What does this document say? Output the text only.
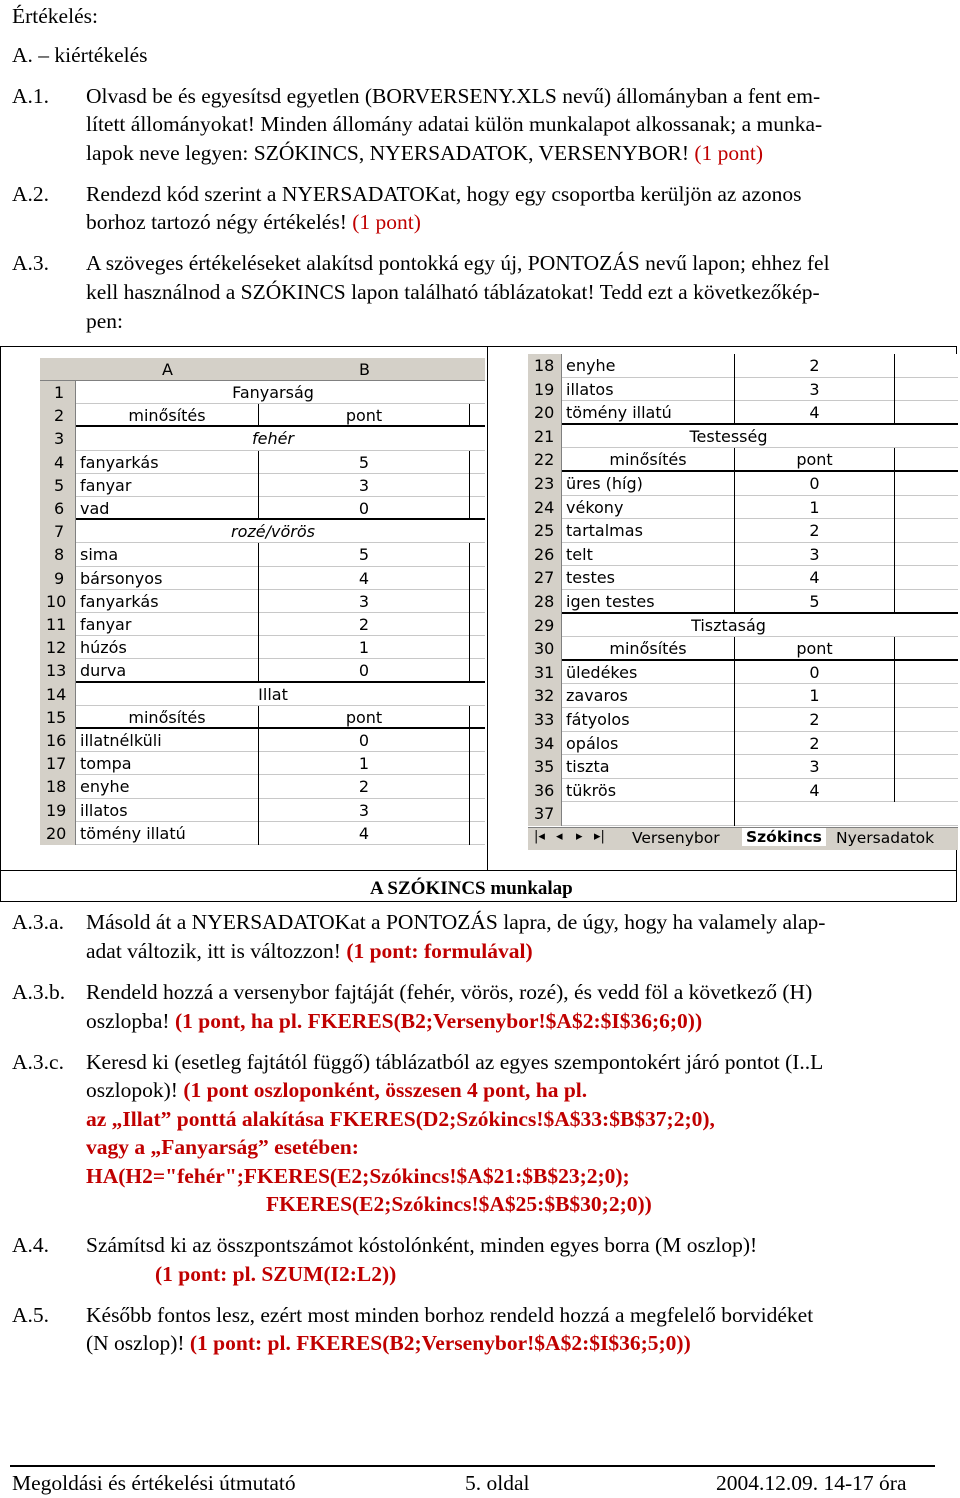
Értékelés:
A. – kiértékelés
A.1. Olvasd be és egyesítsd egyetlen (BORVERSENY.XLS nevű) állományban a fent em-
lített állományokat! Minden állomány adatai külön munkalapot alkossanak; a munka-
lapok neve legyen: SZÓKINCS, NYERSADATOK, VERSENYBOR! (1 pont)
A.2. Rendezd kód szerint a NYERSADATOKat, hogy egy csoportba kerüljön az azonos
borhoz tartozó négy értékelés! (1 pont)
A.3. A szöveges értékeléseket alakítsd pontokká egy új, PONTOZÁS nevű lapon; ehhez fel
kell használnod a SZÓKINCS lapon található táblázatokat! Tedd ezt a következőkép-
pen:
A SZÓKINCS munkalap
A	B
1	Fanyarság
2	minősítés	pont
3	fehér
4 fanyarkás	5
5 fanyar	3
6 vad	0
7	rozé/vörös
8 sima	5
9 bársonyos	4
10 fanyarkás	3
11 fanyar	2
12 húzós	1
13 durva	0
14	Illat
15	minősítés	pont
16 illatnélküli	0
17 tompa	1
18 enyhe	2
19 illatos	3
20 tömény illatú	4
18 enyhe	2
19 illatos	3
20 tömény illatú	4
21	Testesség
22	minősítés	pont
23 üres (híg)	0
24 vékony	1
25 tartalmas	2
26 telt	3
27 testes	4
28 igen testes	5
29	Tisztaság
30	minősítés	pont
31 üledékes	0
32 zavaros	1
33 fátyolos	2
34 opálos	2
35 tiszta	3
36 tükrös	4
37
|◂ ◂ ▸ ▸| Versenybor Szókincs Nyersadatok
A.3.a. Másold át a NYERSADATOKat a PONTOZÁS lapra, de úgy, hogy ha valamely alap-
adat változik, itt is változzon! (1 pont: formulával)
A.3.b. Rendeld hozzá a versenybor fajtáját (fehér, vörös, rozé), és vedd föl a következő (H)
oszlopba! (1 pont, ha pl. FKERES(B2;Versenybor!$A$2:$I$36;6;0))
A.3.c. Keresd ki (esetleg fajtától függő) táblázatból az egyes szempontokért járó pontot (I..L
oszlopok)! (1 pont oszloponként, összesen 4 pont, ha pl.
az „Illat” ponttá alakítása FKERES(D2;Szókincs!$A$33:$B$37;2;0),
vagy a „Fanyarság” esetében:
HA(H2="fehér";FKERES(E2;Szókincs!$A$21:$B$23;2;0);
FKERES(E2;Szókincs!$A$25:$B$30;2;0))
A.4. Számítsd ki az összpontszámot kóstolónként, minden egyes borra (M oszlop)!
(1 pont: pl. SZUM(I2:L2))
A.5. Később fontos lesz, ezért most minden borhoz rendeld hozzá a megfelelő borvidéket
(N oszlop)! (1 pont: pl. FKERES(B2;Versenybor!$A$2:$I$36;5;0))
Megoldási és értékelési útmutató	5. oldal	2004.12.09. 14-17 óra
